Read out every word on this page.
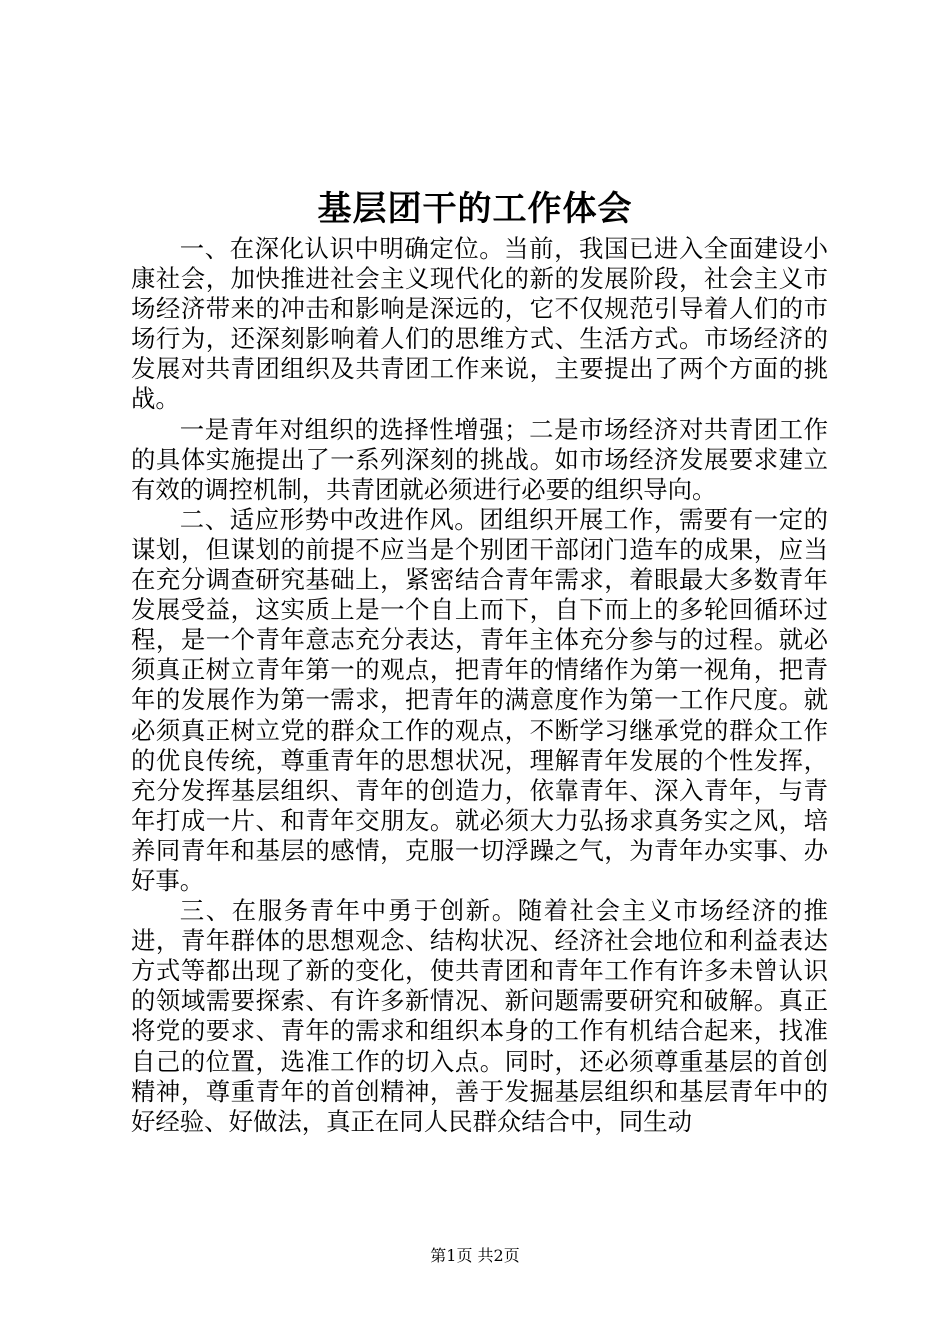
基层团干的工作体会

一、在深化认识中明确定位。当前，我国已进入全面建设小康社会，加快推进社会主义现代化的新的发展阶段，社会主义市场经济带来的冲击和影响是深远的，它不仅规范引导着人们的市场行为，还深刻影响着人们的思维方式、生活方式。市场经济的发展对共青团组织及共青团工作来说，主要提出了两个方面的挑战。

一是青年对组织的选择性增强；二是市场经济对共青团工作的具体实施提出了一系列深刻的挑战。如市场经济发展要求建立有效的调控机制，共青团就必须进行必要的组织导向。

二、适应形势中改进作风。团组织开展工作，需要有一定的谋划，但谋划的前提不应当是个别团干部闭门造车的成果，应当在充分调查研究基础上，紧密结合青年需求，着眼最大多数青年发展受益，这实质上是一个自上而下，自下而上的多轮回循环过程，是一个青年意志充分表达，青年主体充分参与的过程。就必须真正树立青年第一的观点，把青年的情绪作为第一视角，把青年的发展作为第一需求，把青年的满意度作为第一工作尺度。就必须真正树立党的群众工作的观点，不断学习继承党的群众工作的优良传统，尊重青年的思想状况，理解青年发展的个性发挥，充分发挥基层组织、青年的创造力，依靠青年、深入青年，与青年打成一片、和青年交朋友。就必须大力弘扬求真务实之风，培养同青年和基层的感情，克服一切浮躁之气，为青年办实事、办好事。

三、在服务青年中勇于创新。随着社会主义市场经济的推进，青年群体的思想观念、结构状况、经济社会地位和利益表达方式等都出现了新的变化，使共青团和青年工作有许多未曾认识的领域需要探索、有许多新情况、新问题需要研究和破解。真正将党的要求、青年的需求和组织本身的工作有机结合起来，找准自己的位置，选准工作的切入点。同时，还必须尊重基层的首创精神，尊重青年的首创精神，善于发掘基层组织和基层青年中的好经验、好做法，真正在同人民群众结合中，同生动

第1页 共2页
